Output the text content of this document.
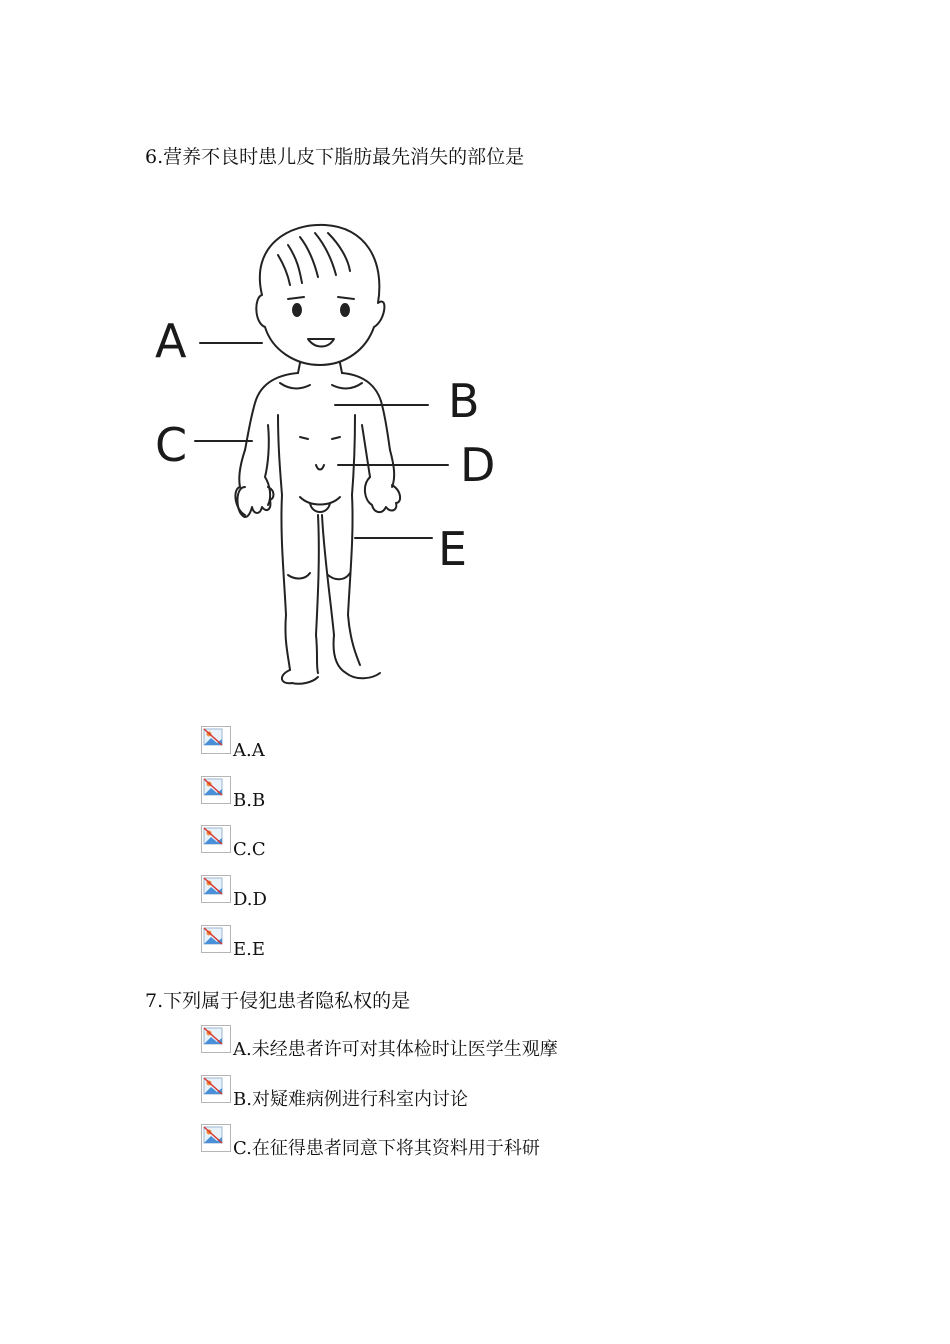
6.营养不良时患儿皮下脂肪最先消失的部位是
A
B
C	D
E
A.A
B.B
C.C
D.D
E.E
7.下列属于侵犯患者隐私权的是
A.未经患者许可对其体检时让医学生观摩
B.对疑难病例进行科室内讨论
C.在征得患者同意下将其资料用于科研
